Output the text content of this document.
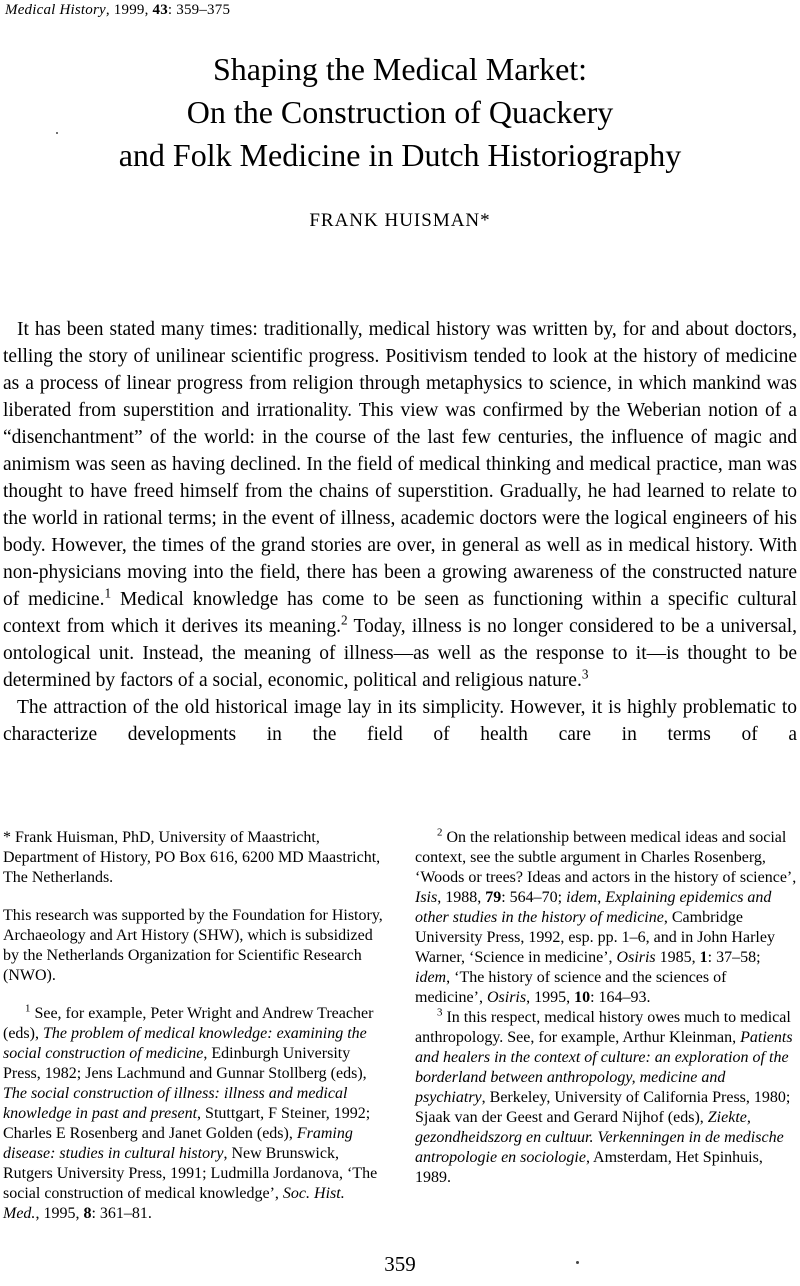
Medical History, 1999, 43: 359–375
Shaping the Medical Market:
On the Construction of Quackery
and Folk Medicine in Dutch Historiography
FRANK HUISMAN*

It has been stated many times: traditionally, medical history was written by, for and about doctors, telling the story of unilinear scientific progress. Positivism tended to look at the history of medicine as a process of linear progress from religion through metaphysics to science, in which mankind was liberated from superstition and irrationality. This view was confirmed by the Weberian notion of a “disenchantment” of the world: in the course of the last few centuries, the influence of magic and animism was seen as having declined. In the field of medical thinking and medical practice, man was thought to have freed himself from the chains of superstition. Gradually, he had learned to relate to the world in rational terms; in the event of illness, academic doctors were the logical engineers of his body. However, the times of the grand stories are over, in general as well as in medical history. With non-physicians moving into the field, there has been a growing awareness of the constructed nature of medicine.$^1$ Medical knowledge has come to be seen as functioning within a specific cultural context from which it derives its meaning.$^2$ Today, illness is no longer considered to be a universal, ontological unit. Instead, the meaning of illness—as well as the response to it—is thought to be determined by factors of a social, economic, political and religious nature.$^3$

The attraction of the old historical image lay in its simplicity. However, it is highly problematic to characterize developments in the field of health care in terms of a

* Frank Huisman, PhD, University of Maastricht, Department of History, PO Box 616, 6200 MD Maastricht, The Netherlands.

This research was supported by the Foundation for History, Archaeology and Art History (SHW), which is subsidized by the Netherlands Organization for Scientific Research (NWO).

$^1$ See, for example, Peter Wright and Andrew Treacher (eds), The problem of medical knowledge: examining the social construction of medicine, Edinburgh University Press, 1982; Jens Lachmund and Gunnar Stollberg (eds), The social construction of illness: illness and medical knowledge in past and present, Stuttgart, F Steiner, 1992; Charles E Rosenberg and Janet Golden (eds), Framing disease: studies in cultural history, New Brunswick, Rutgers University Press, 1991; Ludmilla Jordanova, ‘The social construction of medical knowledge’, Soc. Hist. Med., 1995, 8: 361–81.

$^2$ On the relationship between medical ideas and social context, see the subtle argument in Charles Rosenberg, ‘Woods or trees? Ideas and actors in the history of science’, Isis, 1988, 79: 564–70; idem, Explaining epidemics and other studies in the history of medicine, Cambridge University Press, 1992, esp. pp. 1–6, and in John Harley Warner, ‘Science in medicine’, Osiris 1985, 1: 37–58; idem, ‘The history of science and the sciences of medicine’, Osiris, 1995, 10: 164–93.

$^3$ In this respect, medical history owes much to medical anthropology. See, for example, Arthur Kleinman, Patients and healers in the context of culture: an exploration of the borderland between anthropology, medicine and psychiatry, Berkeley, University of California Press, 1980; Sjaak van der Geest and Gerard Nijhof (eds), Ziekte, gezondheidszorg en cultuur. Verkenningen in de medische antropologie en sociologie, Amsterdam, Het Spinhuis, 1989.

359
